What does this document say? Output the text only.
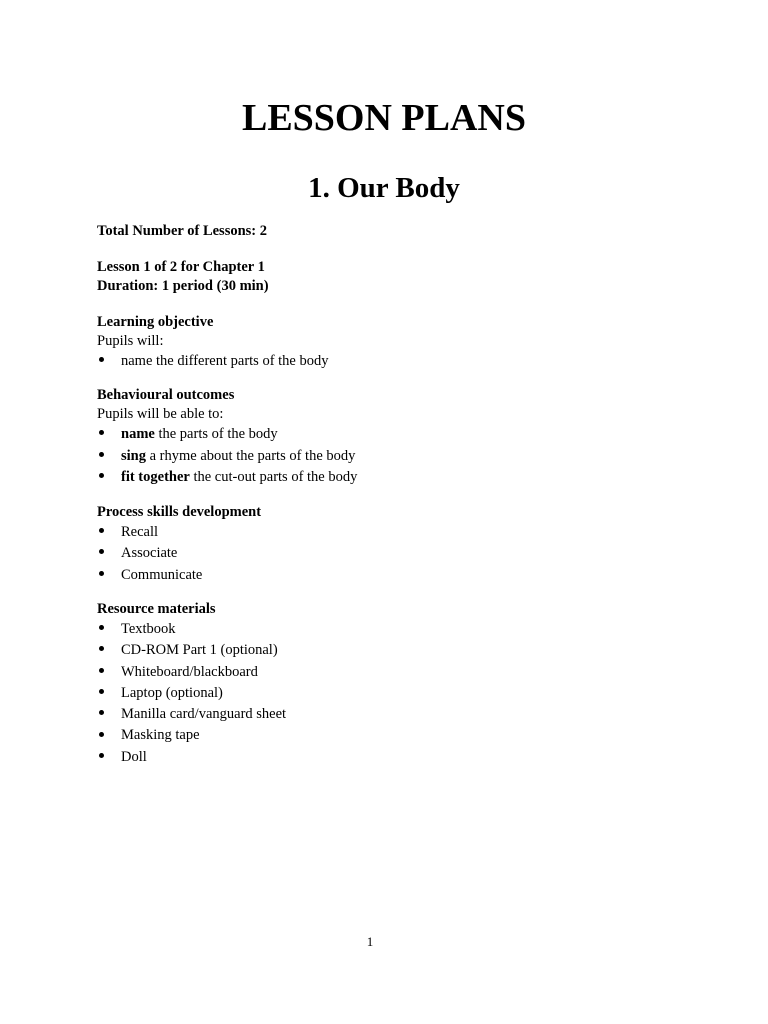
LESSON PLANS
1. Our Body
Total Number of Lessons: 2
Lesson 1 of 2 for Chapter 1
Duration: 1 period (30 min)
Learning objective
Pupils will:
name the different parts of the body
Behavioural outcomes
Pupils will be able to:
name the parts of the body
sing a rhyme about the parts of the body
fit together the cut-out parts of the body
Process skills development
Recall
Associate
Communicate
Resource materials
Textbook
CD-ROM Part 1 (optional)
Whiteboard/blackboard
Laptop (optional)
Manilla card/vanguard sheet
Masking tape
Doll
1
